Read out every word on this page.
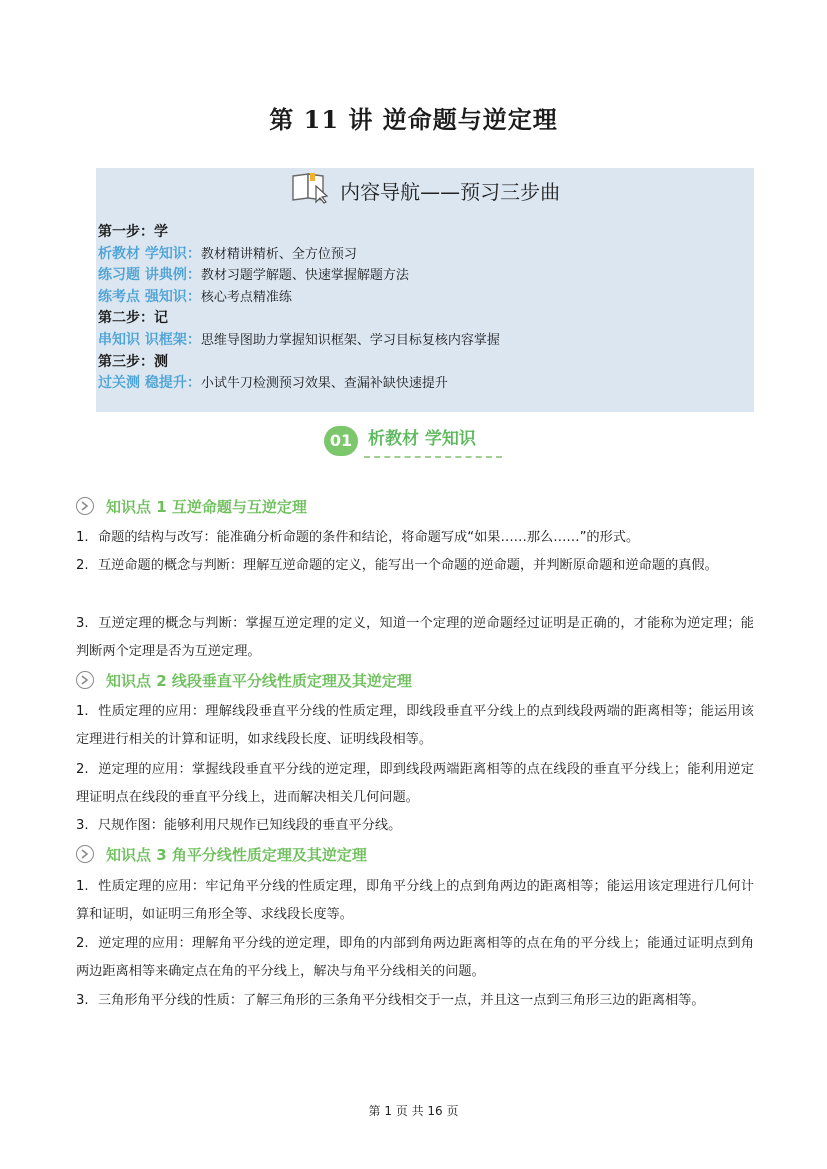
第 11 讲 逆命题与逆定理
内容导航——预习三步曲
第一步：学
析教材 学知识：教材精讲精析、全方位预习
练习题 讲典例：教材习题学解题、快速掌握解题方法
练考点 强知识：核心考点精准练
第二步：记
串知识 识框架：思维导图助力掌握知识框架、学习目标复核内容掌握
第三步：测
过关测 稳提升：小试牛刀检测预习效果、查漏补缺快速提升
01 析教材 学知识
知识点 1 互逆命题与互逆定理
1. 命题的结构与改写：能准确分析命题的条件和结论，将命题写成“如果……那么……”的形式。
2. 互逆命题的概念与判断：理解互逆命题的定义，能写出一个命题的逆命题，并判断原命题和逆命题的真假。
3. 互逆定理的概念与判断：掌握互逆定理的定义，知道一个定理的逆命题经过证明是正确的，才能称为逆定理；能判断两个定理是否为互逆定理。
知识点 2 线段垂直平分线性质定理及其逆定理
1. 性质定理的应用：理解线段垂直平分线的性质定理，即线段垂直平分线上的点到线段两端的距离相等；能运用该定理进行相关的计算和证明，如求线段长度、证明线段相等。
2. 逆定理的应用：掌握线段垂直平分线的逆定理，即到线段两端距离相等的点在线段的垂直平分线上；能利用逆定理证明点在线段的垂直平分线上，进而解决相关几何问题。
3. 尺规作图：能够利用尺规作已知线段的垂直平分线。
知识点 3 角平分线性质定理及其逆定理
1. 性质定理的应用：牢记角平分线的性质定理，即角平分线上的点到角两边的距离相等；能运用该定理进行几何计算和证明，如证明三角形全等、求线段长度等。
2. 逆定理的应用：理解角平分线的逆定理，即角的内部到角两边距离相等的点在角的平分线上；能通过证明点到角两边距离相等来确定点在角的平分线上，解决与角平分线相关的问题。
3. 三角形角平分线的性质：了解三角形的三条角平分线相交于一点，并且这一点到三角形三边的距离相等。
第 1 页 共 16 页
